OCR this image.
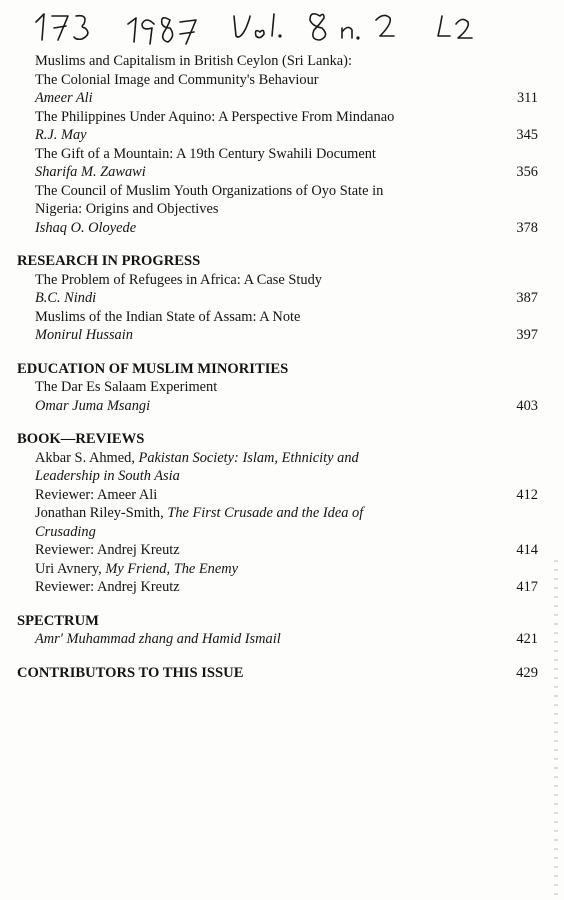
Muslims and Capitalism in British Ceylon (Sri Lanka):
The Colonial Image and Community's Behaviour
Ameer Ali	311
The Philippines Under Aquino: A Perspective From Mindanao
R.J. May	345
The Gift of a Mountain: A 19th Century Swahili Document
Sharifa M. Zawawi	356
The Council of Muslim Youth Organizations of Oyo State in
Nigeria: Origins and Objectives
Ishaq O. Oloyede	378
RESEARCH IN PROGRESS
The Problem of Refugees in Africa: A Case Study
B.C. Nindi	387
Muslims of the Indian State of Assam: A Note
Monirul Hussain	397
EDUCATION OF MUSLIM MINORITIES
The Dar Es Salaam Experiment
Omar Juma Msangi	403
BOOK—REVIEWS
Akbar S. Ahmed, Pakistan Society: Islam, Ethnicity and
Leadership in South Asia
Reviewer: Ameer Ali	412
Jonathan Riley-Smith, The First Crusade and the Idea of
Crusading
Reviewer: Andrej Kreutz	414
Uri Avnery, My Friend, The Enemy
Reviewer: Andrej Kreutz	417
SPECTRUM
Amr' Muhammad zhang and Hamid Ismail	421
CONTRIBUTORS TO THIS ISSUE	429
